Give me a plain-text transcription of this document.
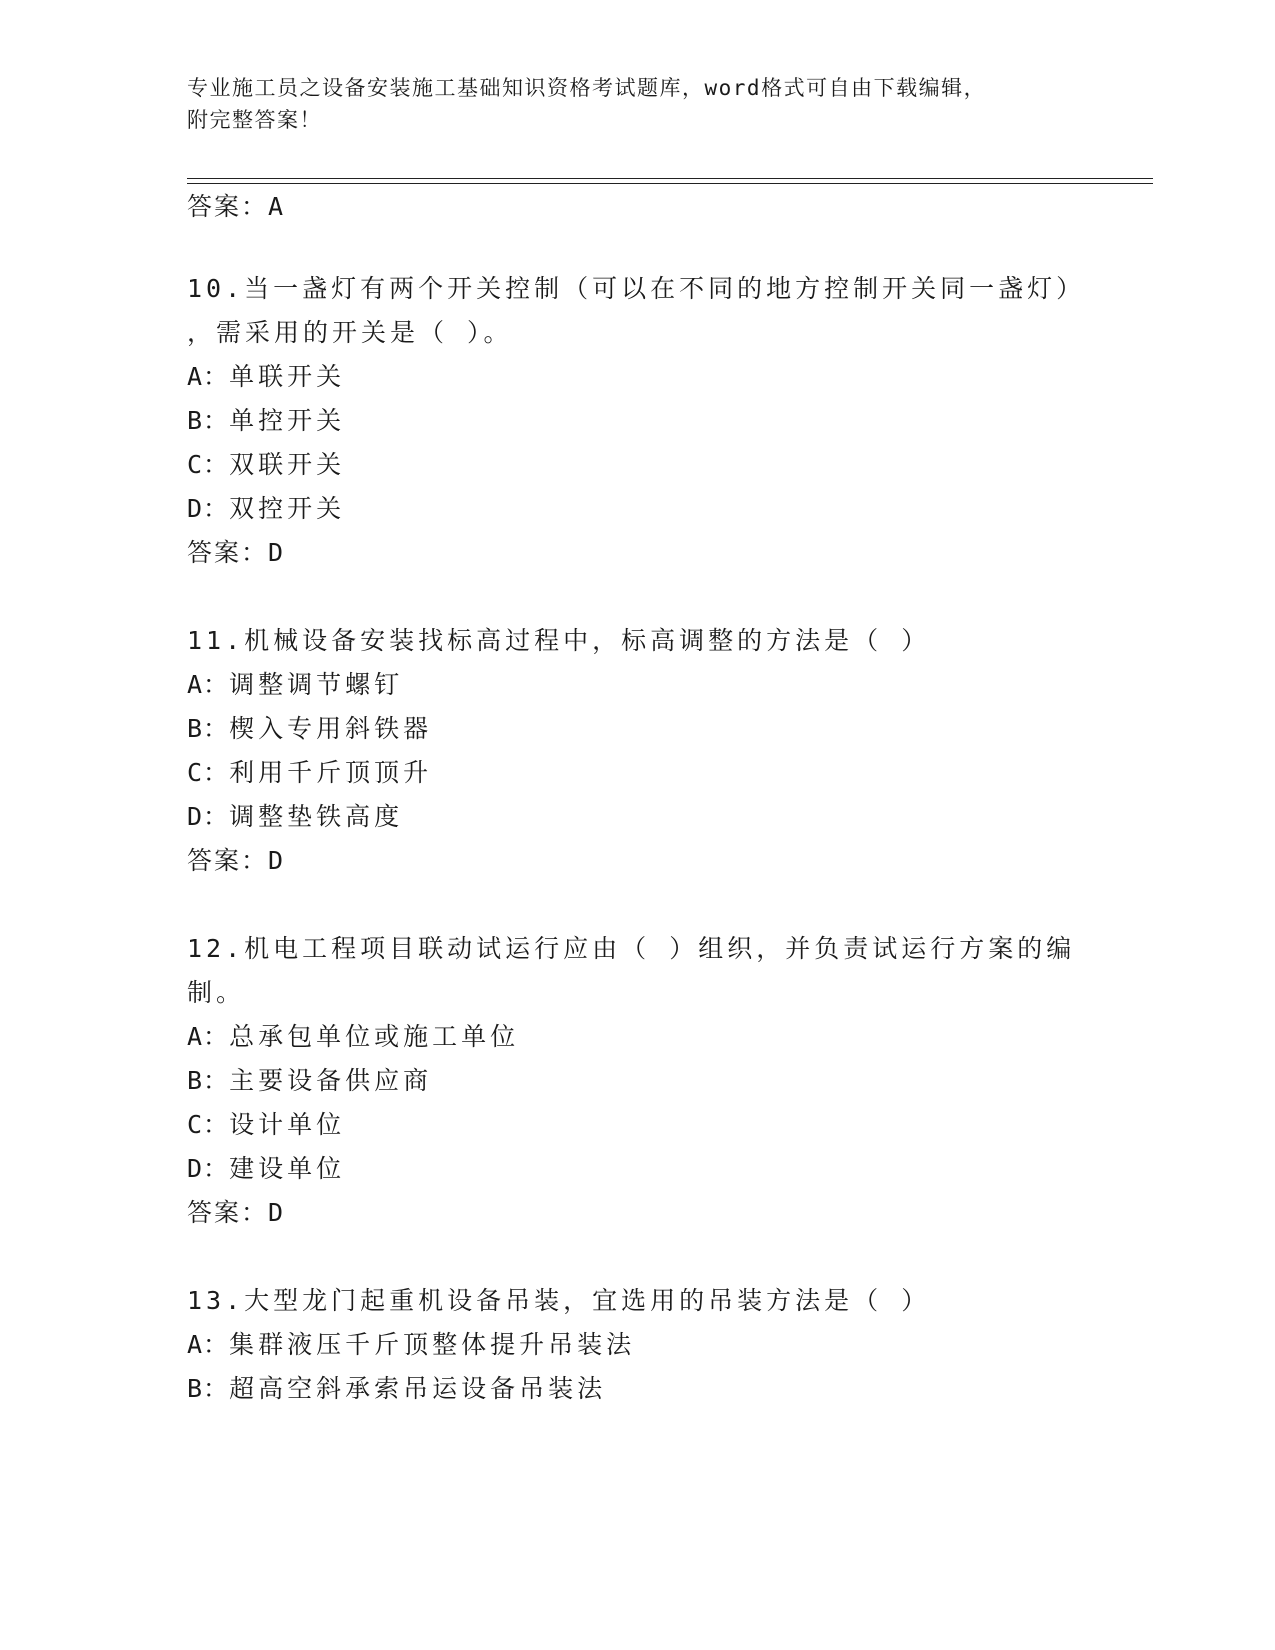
专业施工员之设备安装施工基础知识资格考试题库，word格式可自由下载编辑，
附完整答案！
答案：A
10.当一盏灯有两个开关控制（可以在不同的地方控制开关同一盏灯）
，需采用的开关是（ ）。
A：单联开关
B：单控开关
C：双联开关
D：双控开关
答案：D
11.机械设备安装找标高过程中，标高调整的方法是（ ）
A：调整调节螺钉
B：楔入专用斜铁器
C：利用千斤顶顶升
D：调整垫铁高度
答案：D
12.机电工程项目联动试运行应由（ ）组织，并负责试运行方案的编
制。
A：总承包单位或施工单位
B：主要设备供应商
C：设计单位
D：建设单位
答案：D
13.大型龙门起重机设备吊装，宜选用的吊装方法是（ ）
A：集群液压千斤顶整体提升吊装法
B：超高空斜承索吊运设备吊装法
